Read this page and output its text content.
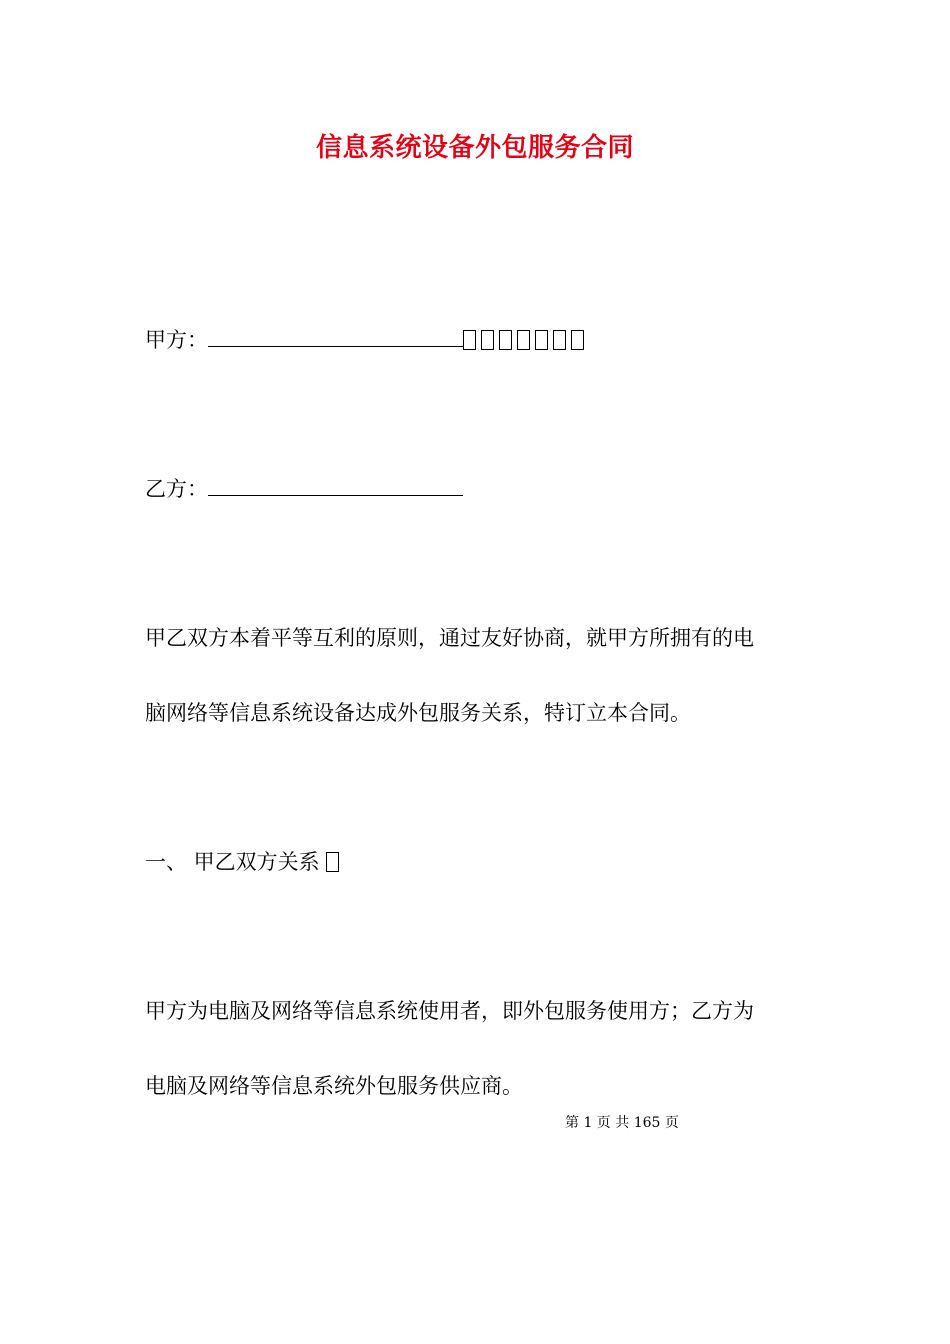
信息系统设备外包服务合同
甲方：
乙方：
甲乙双方本着平等互利的原则，通过友好协商，就甲方所拥有的电
脑网络等信息系统设备达成外包服务关系，特订立本合同。
一、 甲乙双方关系
甲方为电脑及网络等信息系统使用者，即外包服务使用方；乙方为
电脑及网络等信息系统外包服务供应商。
第 1 页 共 165 页
